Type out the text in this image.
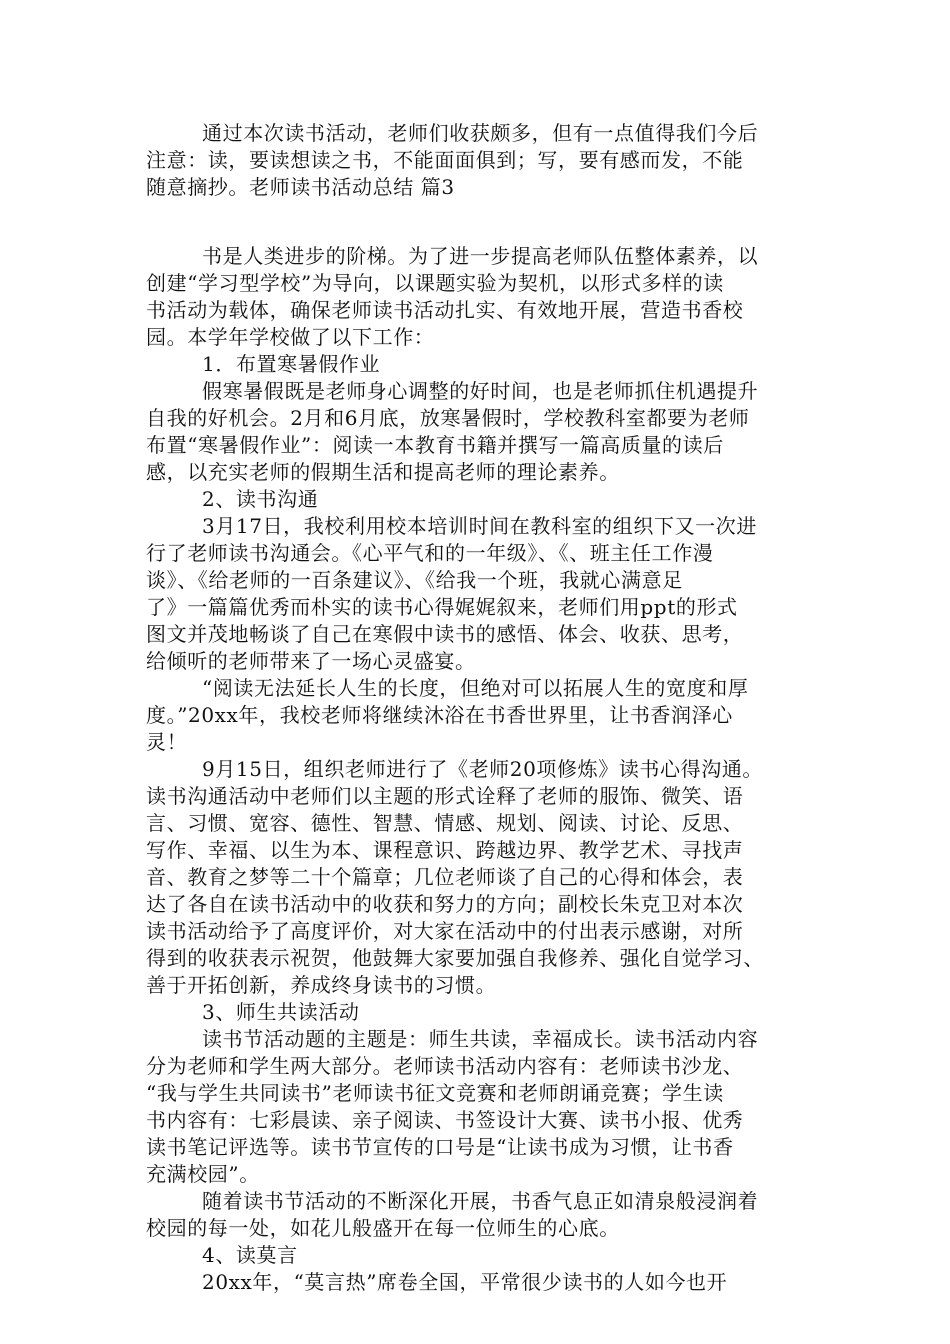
通过本次读书活动，老师们收获颇多，但有一点值得我们今后
注意：读，要读想读之书，不能面面俱到；写，要有感而发，不能
随意摘抄。老师读书活动总结 篇3
书是人类进步的阶梯。为了进一步提高老师队伍整体素养，以
创建“学习型学校”为导向，以课题实验为契机，以形式多样的读
书活动为载体，确保老师读书活动扎实、有效地开展，营造书香校
园。本学年学校做了以下工作：
1．布置寒暑假作业
假寒暑假既是老师身心调整的好时间，也是老师抓住机遇提升
自我的好机会。2月和6月底，放寒暑假时，学校教科室都要为老师
布置“寒暑假作业”：阅读一本教育书籍并撰写一篇高质量的读后
感，以充实老师的假期生活和提高老师的理论素养。
2、读书沟通
3月17日，我校利用校本培训时间在教科室的组织下又一次进
行了老师读书沟通会。《心平气和的一年级》、《、班主任工作漫
谈》、《给老师的一百条建议》、《给我一个班，我就心满意足
了》一篇篇优秀而朴实的读书心得娓娓叙来，老师们用ppt的形式
图文并茂地畅谈了自己在寒假中读书的感悟、体会、收获、思考，
给倾听的老师带来了一场心灵盛宴。
“阅读无法延长人生的长度，但绝对可以拓展人生的宽度和厚
度。”20xx年，我校老师将继续沐浴在书香世界里，让书香润泽心
灵！
9月15日，组织老师进行了《老师20项修炼》读书心得沟通。
读书沟通活动中老师们以主题的形式诠释了老师的服饰、微笑、语
言、习惯、宽容、德性、智慧、情感、规划、阅读、讨论、反思、
写作、幸福、以生为本、课程意识、跨越边界、教学艺术、寻找声
音、教育之梦等二十个篇章；几位老师谈了自己的心得和体会，表
达了各自在读书活动中的收获和努力的方向；副校长朱克卫对本次
读书活动给予了高度评价，对大家在活动中的付出表示感谢，对所
得到的收获表示祝贺，他鼓舞大家要加强自我修养、强化自觉学习、
善于开拓创新，养成终身读书的习惯。
3、师生共读活动
读书节活动题的主题是：师生共读，幸福成长。读书活动内容
分为老师和学生两大部分。老师读书活动内容有：老师读书沙龙、
“我与学生共同读书”老师读书征文竞赛和老师朗诵竞赛；学生读
书内容有：七彩晨读、亲子阅读、书签设计大赛、读书小报、优秀
读书笔记评选等。读书节宣传的口号是“让读书成为习惯，让书香
充满校园”。
随着读书节活动的不断深化开展，书香气息正如清泉般浸润着
校园的每一处，如花儿般盛开在每一位师生的心底。
4、读莫言
20xx年，“莫言热”席卷全国，平常很少读书的人如今也开
